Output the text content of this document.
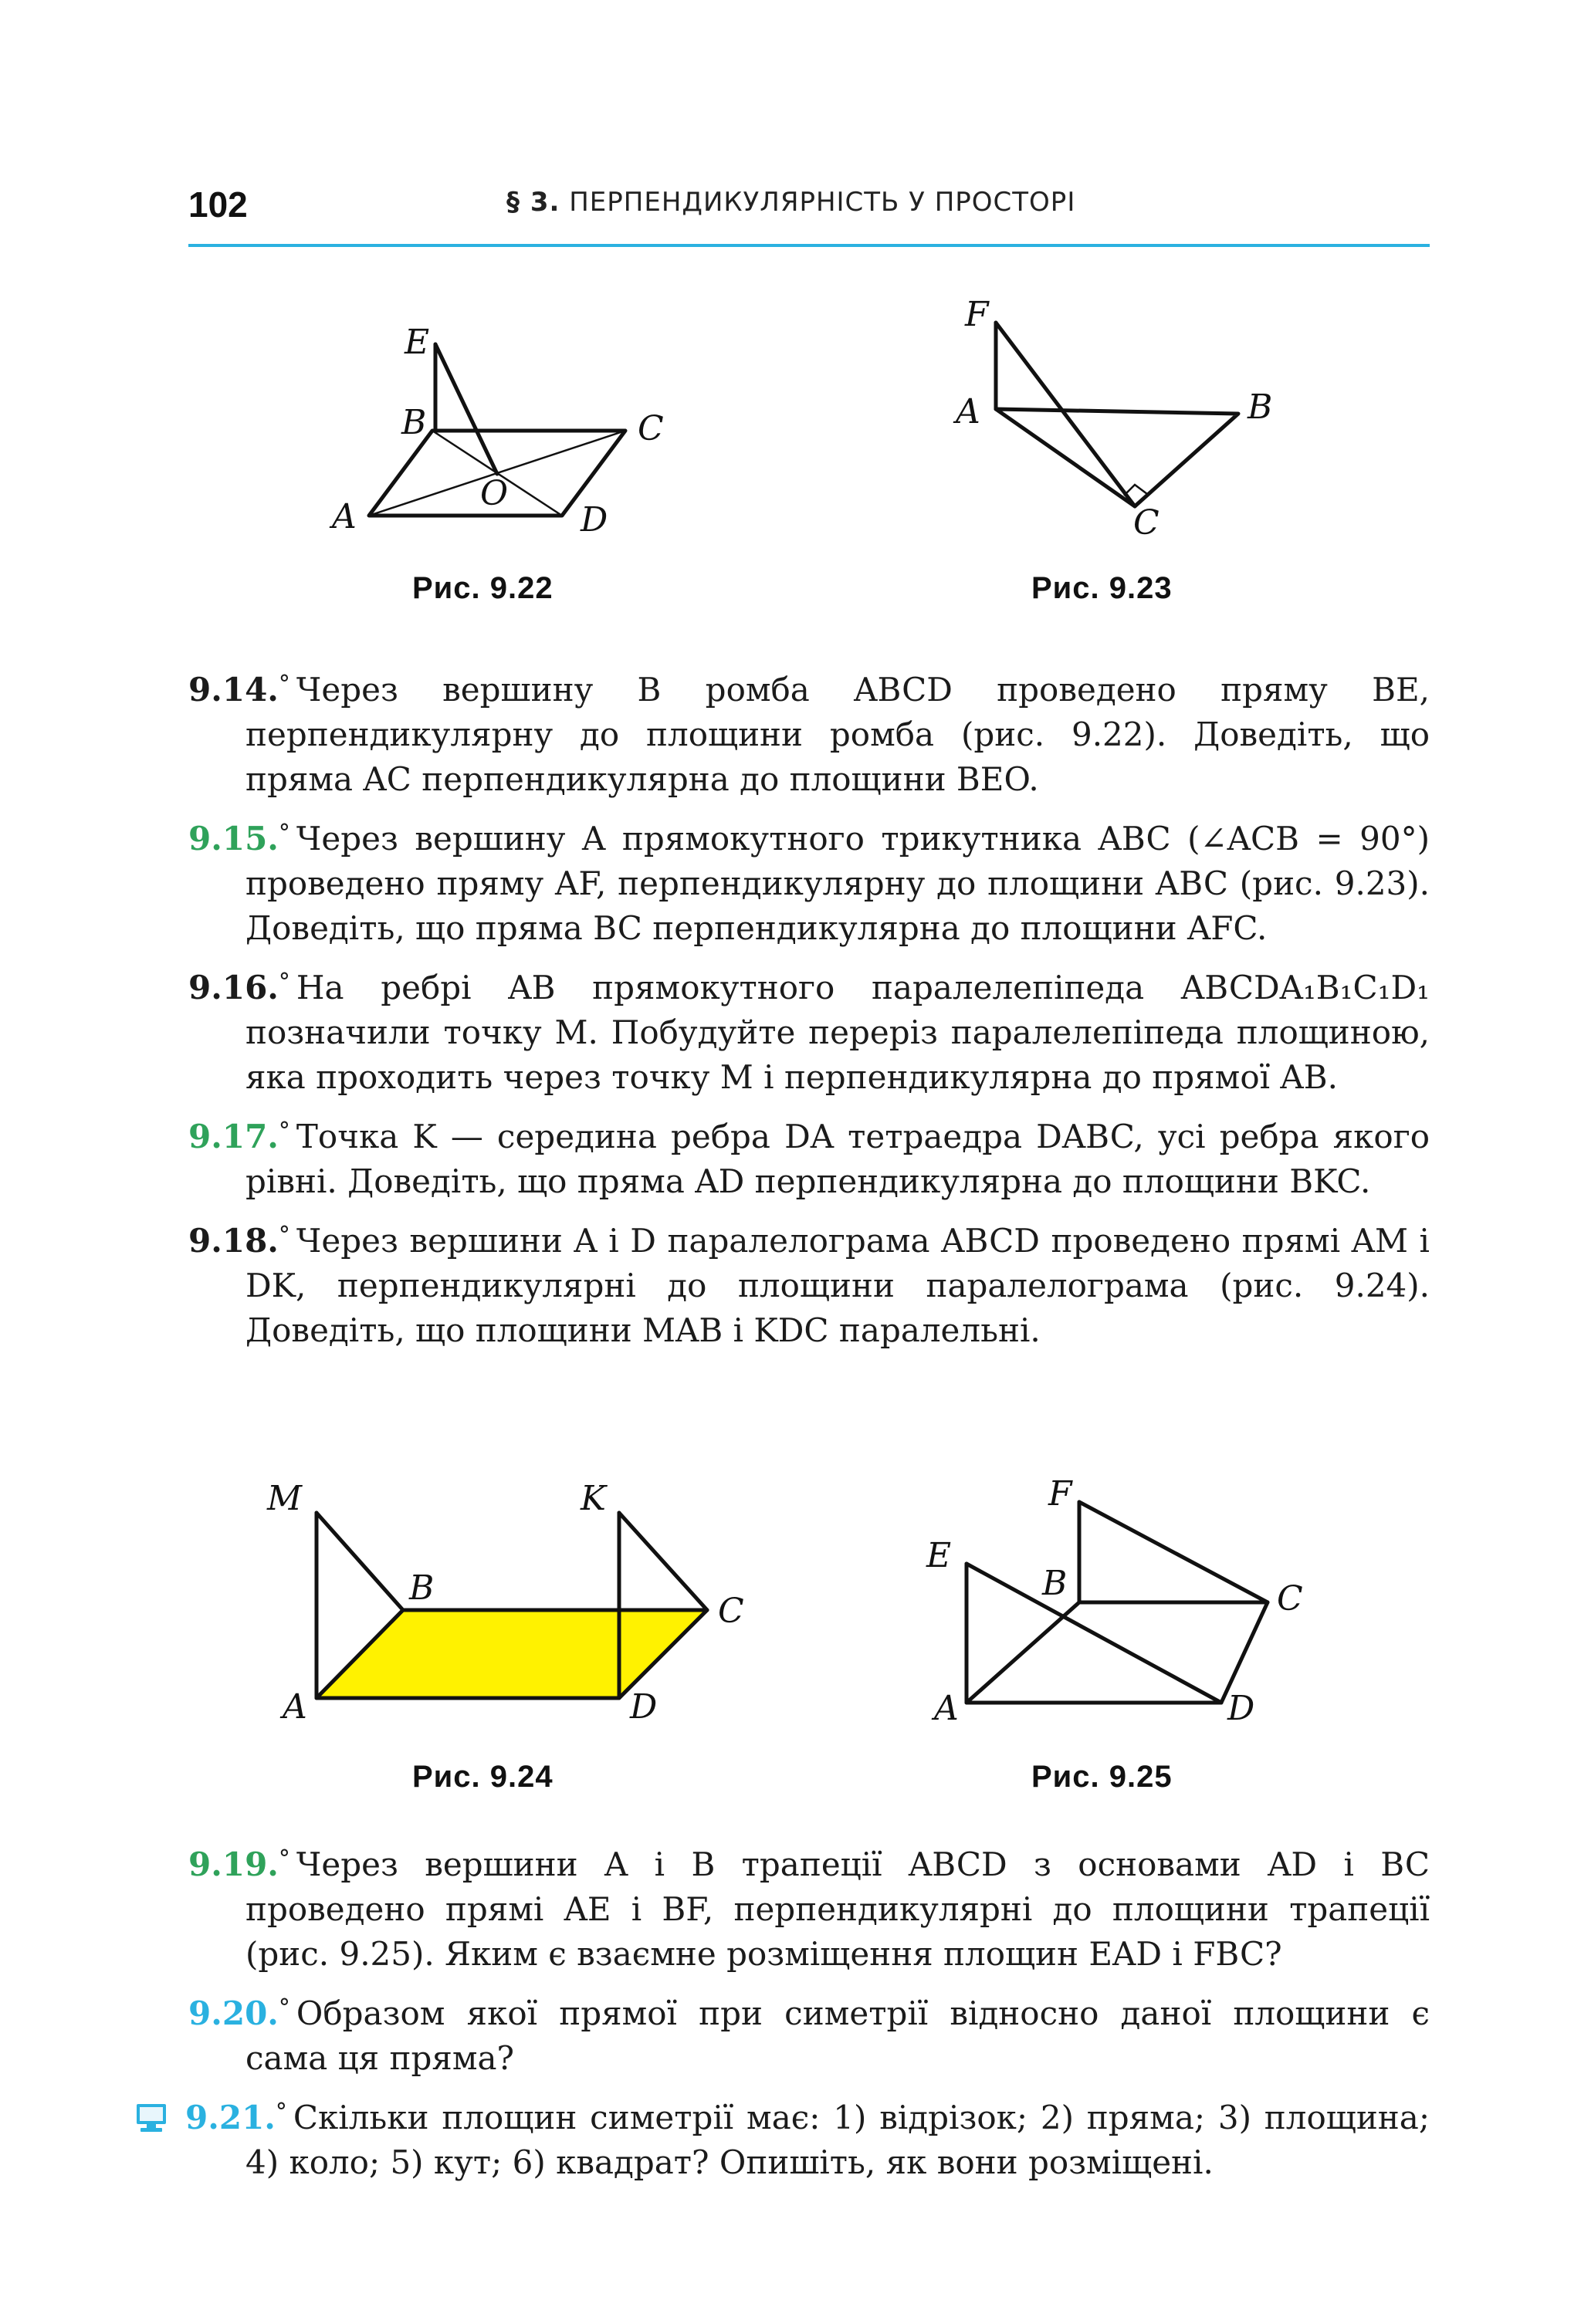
102	§ 3. ПЕРПЕНДИКУЛЯРНІСТЬ У ПРОСТОРІ
E
B	C
O
A	D
Рис. 9.22
F
A	B
C
Рис. 9.23

9.14.° Через вершину B ромба ABCD проведено пряму BE, перпендикулярну до площини ромба (рис. 9.22). Доведіть, що пряма AC перпендикулярна до площини BEO.

9.15.° Через вершину A прямокутного трикутника ABC (∠ACB = 90°) проведено пряму AF, перпендикулярну до площини ABC (рис. 9.23). Доведіть, що пряма BC перпендикулярна до площини AFC.

9.16.° На ребрі AB прямокутного паралелепіпеда ABCDA₁B₁C₁D₁ позначили точку M. Побудуйте переріз паралелепіпеда площиною, яка проходить через точку M і перпендикулярна до прямої AB.

9.17.° Точка K — середина ребра DA тетраедра DABC, усі ребра якого рівні. Доведіть, що пряма AD перпендикулярна до площини BKC.

9.18.° Через вершини A і D паралелограма ABCD проведено прямі AM і DK, перпендикулярні до площини паралелограма (рис. 9.24). Доведіть, що площини MAB і KDC паралельні.

M	K
B
C
A	D
Рис. 9.24
F
E
B	C
A	D
Рис. 9.25

9.19.° Через вершини A і B трапеції ABCD з основами AD і BC проведено прямі AE і BF, перпендикулярні до площини трапеції (рис. 9.25). Яким є взаємне розміщення площин EAD і FBC?

9.20.° Образом якої прямої при симетрії відносно даної площини є сама ця пряма?

9.21.° Скільки площин симетрії має: 1) відрізок; 2) пряма; 3) площина; 4) коло; 5) кут; 6) квадрат? Опишіть, як вони розміщені.
